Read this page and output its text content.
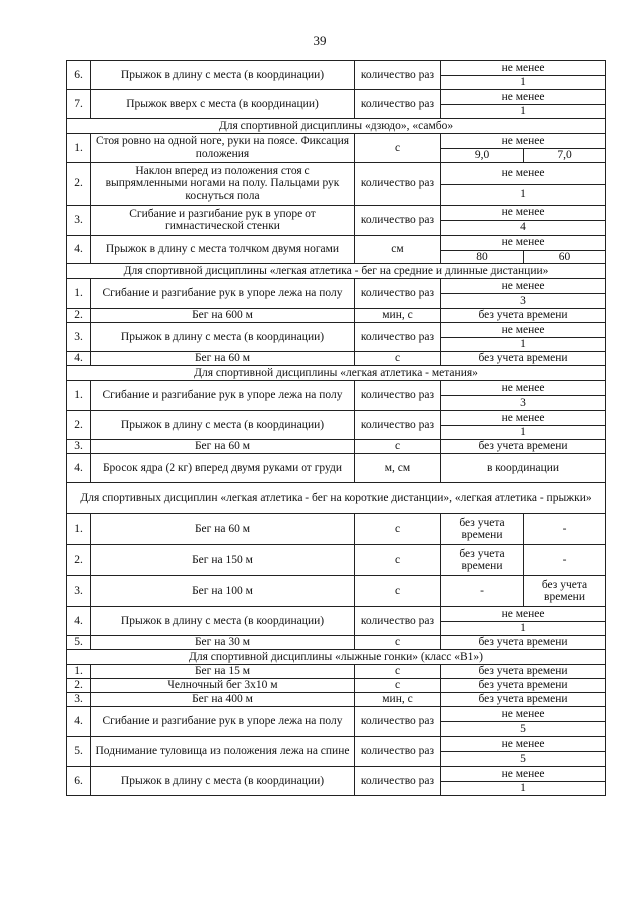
39
6.	Прыжок в длину с места (в координации)	количество раз	не менее	
			1	
7.	Прыжок вверх с места (в координации)	количество раз	не менее	
			1	
Для спортивной дисциплины «дзюдо», «самбо»				
1.	Стоя ровно на одной ноге, руки на поясе. Фиксация положения	с	не менее	
			9,0	7,0
2.	Наклон вперед из положения стоя с выпрямленными ногами на полу. Пальцами рук коснуться пола	количество раз	не менее	
			1	
3.	Сгибание и разгибание рук в упоре от гимнастической стенки	количество раз	не менее	
			4	
4.	Прыжок в длину с места толчком двумя ногами	см	не менее	
			80	60
Для спортивной дисциплины «легкая атлетика - бег на средние и длинные дистанции»				
1.	Сгибание и разгибание рук в упоре лежа на полу	количество раз	не менее	
			3	
2.	Бег на 600 м	мин, с	без учета времени	
3.	Прыжок в длину с места (в координации)	количество раз	не менее	
			1	
4.	Бег на 60 м	с	без учета времени	
Для спортивной дисциплины «легкая атлетика - метания»				
1.	Сгибание и разгибание рук в упоре лежа на полу	количество раз	не менее	
			3	
2.	Прыжок в длину с места (в координации)	количество раз	не менее	
			1	
3.	Бег на 60 м	с	без учета времени	
4.	Бросок ядра (2 кг) вперед двумя руками от груди	м, см	в координации	
Для спортивных дисциплин «легкая атлетика - бег на короткие дистанции», «легкая атлетика - прыжки»				
1.	Бег на 60 м	с	без учета времени	-
2.	Бег на 150 м	с	без учета времени	-
3.	Бег на 100 м	с	-	без учета времени
4.	Прыжок в длину с места (в координации)	количество раз	не менее	
			1	
5.	Бег на 30 м	с	без учета времени	
Для спортивной дисциплины «лыжные гонки» (класс «В1»)				
1.	Бег на 15 м	с	без учета времени	
2.	Челночный бег 3х10 м	с	без учета времени	
3.	Бег на 400 м	мин, с	без учета времени	
4.	Сгибание и разгибание рук в упоре лежа на полу	количество раз	не менее	
			5	
5.	Поднимание туловища из положения лежа на спине	количество раз	не менее	
			5	
6.	Прыжок в длину с места (в координации)	количество раз	не менее	
			1	
